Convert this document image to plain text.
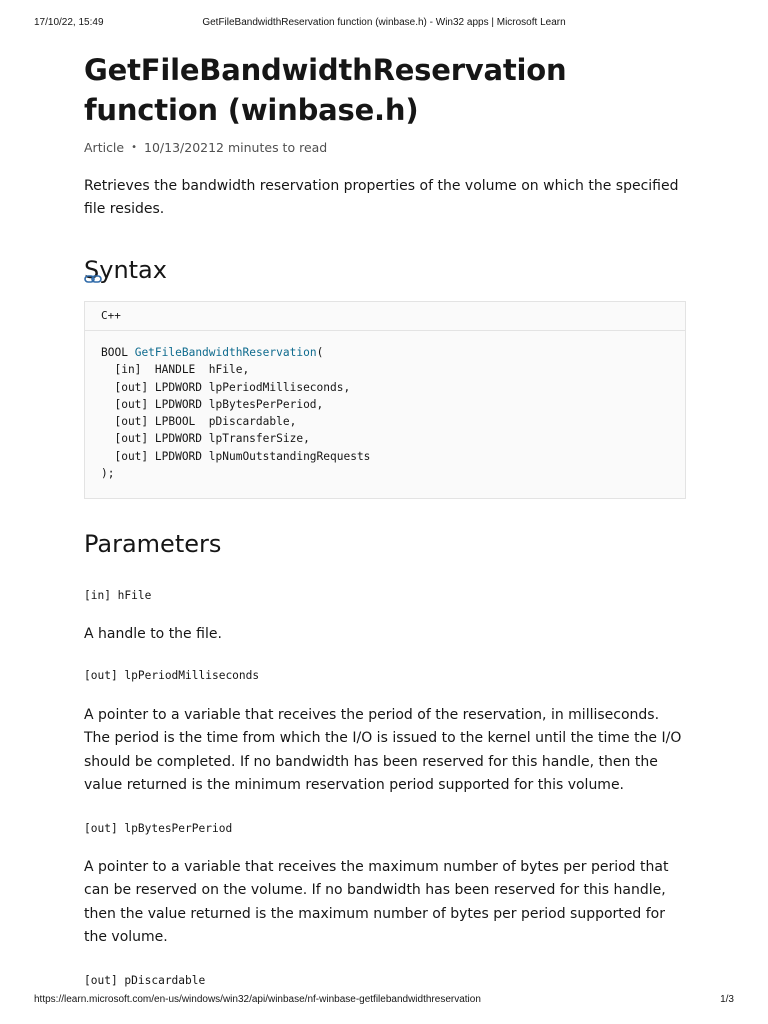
17/10/22, 15:49	GetFileBandwidthReservation function (winbase.h) - Win32 apps | Microsoft Learn
GetFileBandwidthReservation function (winbase.h)
Article • 10/13/20212 minutes to read

Retrieves the bandwidth reservation properties of the volume on which the specified file resides.

Syntax
C++
BOOL GetFileBandwidthReservation(
[in]  HANDLE  hFile,
[out] LPDWORD lpPeriodMilliseconds,
[out] LPDWORD lpBytesPerPeriod,
[out] LPBOOL  pDiscardable,
[out] LPDWORD lpTransferSize,
[out] LPDWORD lpNumOutstandingRequests
);
Parameters

[in] hFile

A handle to the file.

[out] lpPeriodMilliseconds

A pointer to a variable that receives the period of the reservation, in milliseconds. The period is the time from which the I/O is issued to the kernel until the time the I/O should be completed. If no bandwidth has been reserved for this handle, then the value returned is the minimum reservation period supported for this volume.

[out] lpBytesPerPeriod

A pointer to a variable that receives the maximum number of bytes per period that can be reserved on the volume. If no bandwidth has been reserved for this handle, then the value returned is the maximum number of bytes per period supported for the volume.

[out] pDiscardable

https://learn.microsoft.com/en-us/windows/win32/api/winbase/nf-winbase-getfilebandwidthreservation	1/3
